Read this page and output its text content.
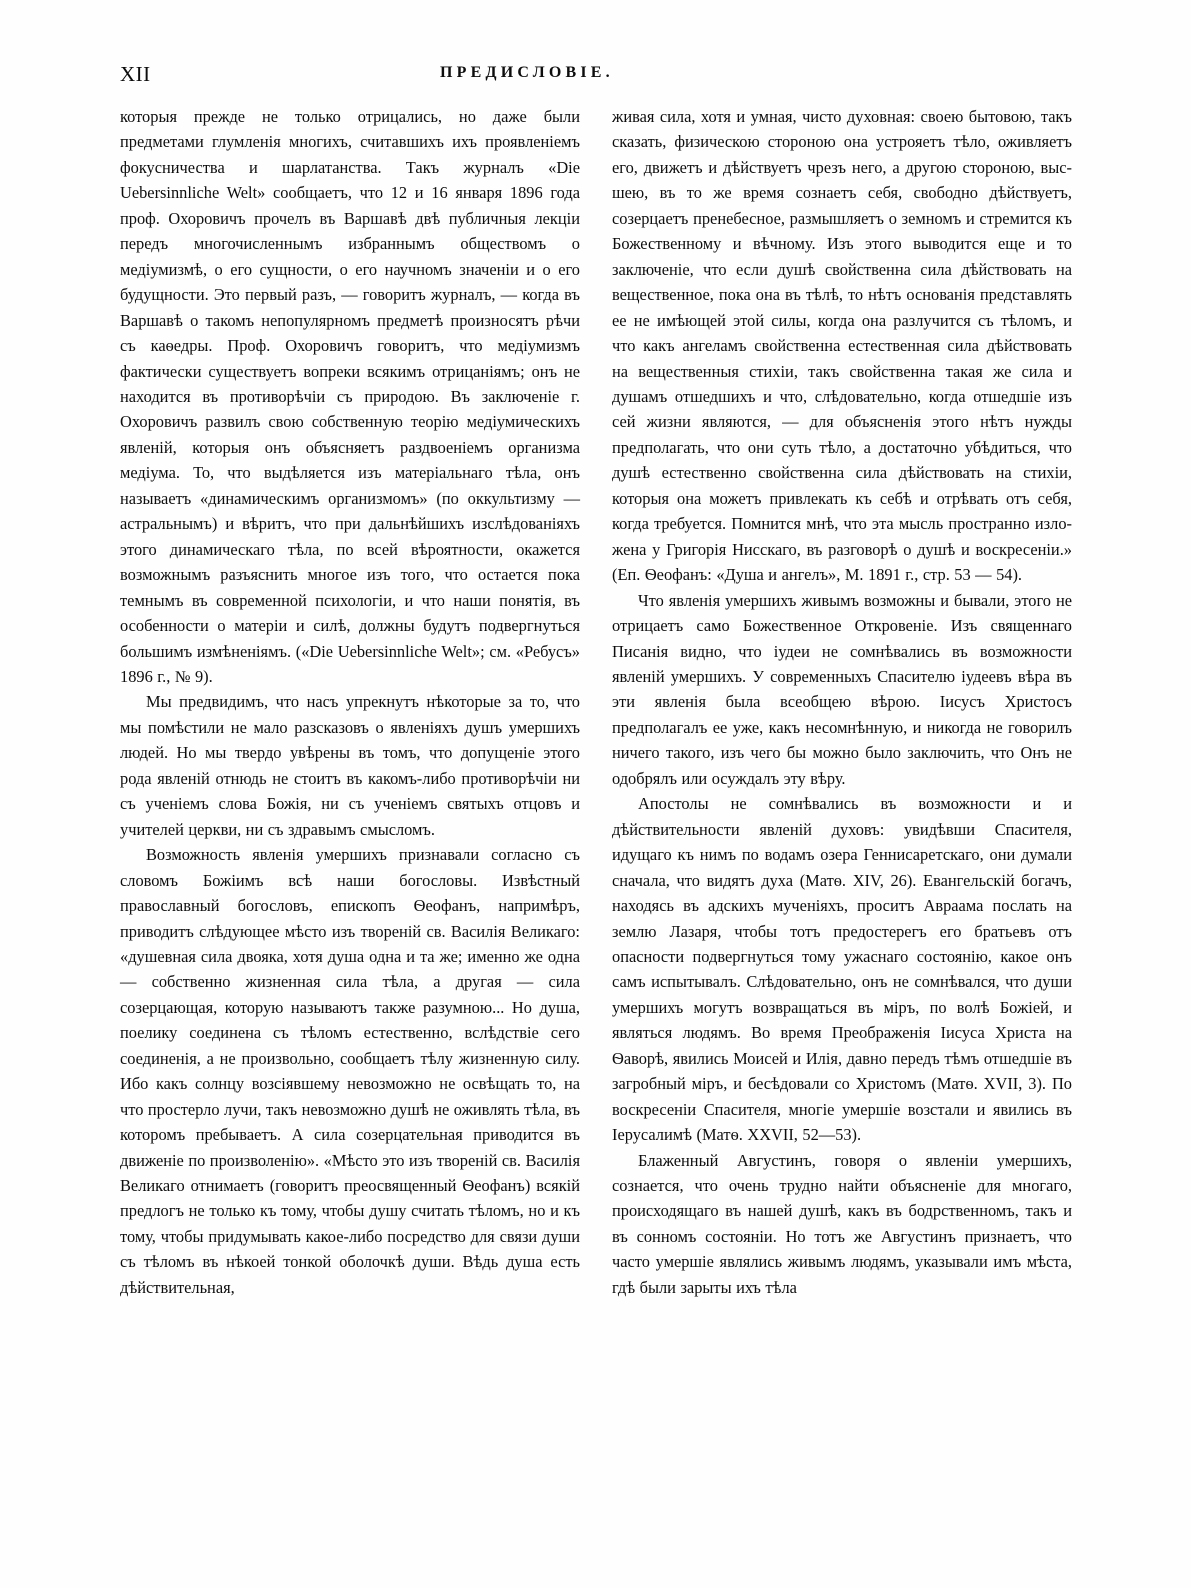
XII	ПРЕДИСЛОВІЕ.

которыя прежде не только отрицались, но даже были предметами глумленія многихъ, считавшихъ ихъ проявленіемъ фокусничества и шарлатанства. Такъ журналъ «Die Uebersinnliche Welt» сообщаетъ, что 12 и 16 января 1896 года проф. Охоровичъ прочелъ въ Варшавѣ двѣ публичныя лекціи передъ многочисленнымъ избраннымъ обществомъ о медіумизмѣ, о его сущности, о его научномъ значеніи и о его будущности. Это первый разъ, — говоритъ журналъ, — когда въ Варшавѣ о такомъ непопулярномъ предметѣ произносятъ рѣчи съ каѳедры. Проф. Охоровичъ говоритъ, что медіумизмъ фактически существуетъ вопреки всякимъ отрицаніямъ; онъ не находится въ противорѣчіи съ природою. Въ заключеніе г. Охоровичъ развилъ свою собственную теорію медіумическихъ явленій, которыя онъ объясняетъ раздвоеніемъ организма медіума. То, что выдѣляется изъ матеріальнаго тѣла, онъ называетъ «динамическимъ организмомъ» (по оккультизму — астральнымъ) и вѣритъ, что при дальнѣйшихъ изслѣдованіяхъ этого динамическаго тѣла, по всей вѣроятности, окажется возможнымъ разъяснить многое изъ того, что остается пока темнымъ въ современной психологіи, и что наши понятія, въ особенности о матеріи и силѣ, должны будутъ подвергнуться большимъ измѣненіямъ. («Die Uebersinnliche Welt»; см. «Ребусъ» 1896 г., № 9).

Мы предвидимъ, что насъ упрекнутъ нѣкоторые за то, что мы помѣстили не мало разсказовъ о явленіяхъ душъ умершихъ людей. Но мы твердо увѣрены въ томъ, что допущеніе этого рода явленій отнюдь не стоитъ въ какомъ-либо противорѣчіи ни съ ученіемъ слова Божія, ни съ ученіемъ святыхъ отцовъ и учителей церкви, ни съ здравымъ смысломъ.

Возможность явленія умершихъ признавали согласно съ словомъ Божіимъ всѣ наши богословы. Извѣстный православный богословъ, епископъ Ѳеофанъ, напримѣръ, приводитъ слѣдующее мѣсто изъ твореній св. Василія Великаго: «душевная сила двояка, хотя душа одна и та же; именно же одна — собственно жизненная сила тѣла, а другая — сила созерцающая, которую называютъ также разумною... Но душа, поелику соединена съ тѣломъ естественно, вслѣдствіе сего соединенія, а не произвольно, сообщаетъ тѣлу жизненную силу. Ибо какъ солнцу возсіявшему невозможно не освѣщать то, на что простерло лучи, такъ невозможно душѣ не оживлять тѣла, въ которомъ пребываетъ. А сила созерцательная приводится въ движеніе по произволенію». «Мѣсто это изъ твореній св. Василія Великаго отнимаетъ (говоритъ преосвященный Ѳеофанъ) всякій предлогъ не только къ тому, чтобы душу считать тѣломъ, но и къ тому, чтобы придумывать какое-либо посредство для связи души съ тѣломъ въ нѣкоей тонкой оболочкѣ души. Вѣдь душа есть дѣйствительная,

живая сила, хотя и умная, чисто духовная: своею бытовою, такъ сказать, физическою стороною она устрояетъ тѣло, оживляетъ его, движетъ и дѣйствуетъ чрезъ него, а другою стороною, высшею, въ то же время сознаетъ себя, свободно дѣйствуетъ, созерцаетъ пренебесное, размышляетъ о земномъ и стремится къ Божественному и вѣчному. Изъ этого выводится еще и то заключеніе, что если душѣ свойственна сила дѣйствовать на вещественное, пока она въ тѣлѣ, то нѣтъ основанія представлять ее не имѣющей этой силы, когда она разлучится съ тѣломъ, и что какъ ангеламъ свойственна естественная сила дѣйствовать на вещественныя стихіи, такъ свойственна такая же сила и душамъ отшедшихъ и что, слѣдовательно, когда отшедшіе изъ сей жизни являются, — для объясненія этого нѣтъ нужды предполагать, что они суть тѣло, а достаточно убѣдиться, что душѣ естественно свойственна сила дѣйствовать на стихіи, которыя она можетъ привлекать къ себѣ и отрѣвать отъ себя, когда требуется. Помнится мнѣ, что эта мысль пространно изложена у Григорія Нисскаго, въ разговорѣ о душѣ и воскресеніи.» (Еп. Ѳеофанъ: «Душа и ангелъ», М. 1891 г., стр. 53 — 54).

Что явленія умершихъ живымъ возможны и бывали, этого не отрицаетъ само Божественное Откровеніе. Изъ священнаго Писанія видно, что іудеи не сомнѣвались въ возможности явленій умершихъ. У современныхъ Спасителю іудеевъ вѣра въ эти явленія была всеобщею вѣрою. Іисусъ Христосъ предполагалъ ее уже, какъ несомнѣнную, и никогда не говорилъ ничего такого, изъ чего бы можно было заключить, что Онъ не одобрялъ или осуждалъ эту вѣру.

Апостолы не сомнѣвались въ возможности и и дѣйствительности явленій духовъ: увидѣвши Спасителя, идущаго къ нимъ по водамъ озера Геннисаретскаго, они думали сначала, что видятъ духа (Матѳ. XIV, 26). Евангельскій богачъ, находясь въ адскихъ мученіяхъ, проситъ Авраама послать на землю Лазаря, чтобы тотъ предостерегъ его братьевъ отъ опасности подвергнуться тому ужаснаго состоянію, какое онъ самъ испытывалъ. Слѣдовательно, онъ не сомнѣвался, что души умершихъ могутъ возвращаться въ міръ, по волѣ Божіей, и являться людямъ. Во время Преображенія Іисуса Христа на Ѳаворѣ, явились Моисей и Илія, давно передъ тѣмъ отшедшіе въ загробный міръ, и бесѣдовали со Христомъ (Матѳ. XVII, 3). По воскресеніи Спасителя, многіе умершіе возстали и явились въ Іерусалимѣ (Матѳ. XXVII, 52—53).

Блаженный Августинъ, говоря о явленіи умершихъ, сознается, что очень трудно найти объясненіе для многаго, происходящаго въ нашей душѣ, какъ въ бодрственномъ, такъ и въ сонномъ состояніи. Но тотъ же Августинъ признаетъ, что часто умершіе являлись живымъ людямъ, указывали имъ мѣста, гдѣ были зарыты ихъ тѣла
